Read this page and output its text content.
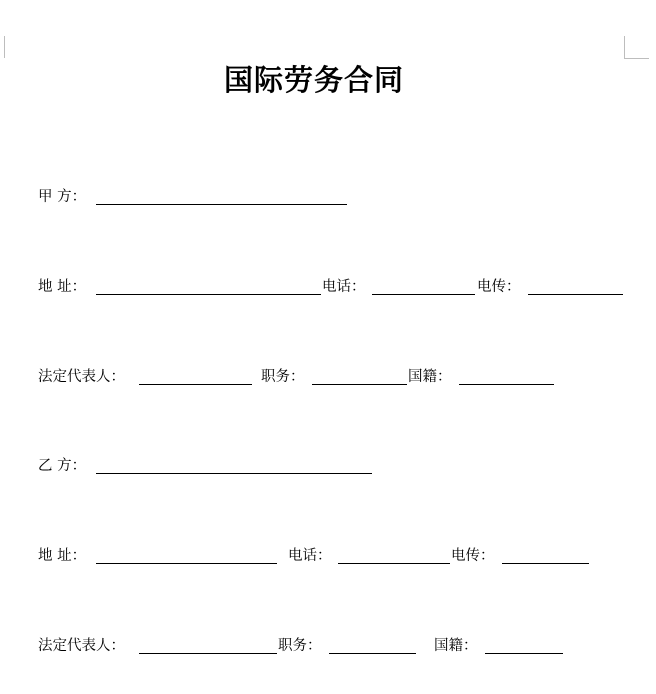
国际劳务合同
甲 方：
地 址：	电话：	电传：
法定代表人：	职务：	国籍：
乙 方：
地 址：	电话：	电传：
法定代表人：	职务：	国籍：
